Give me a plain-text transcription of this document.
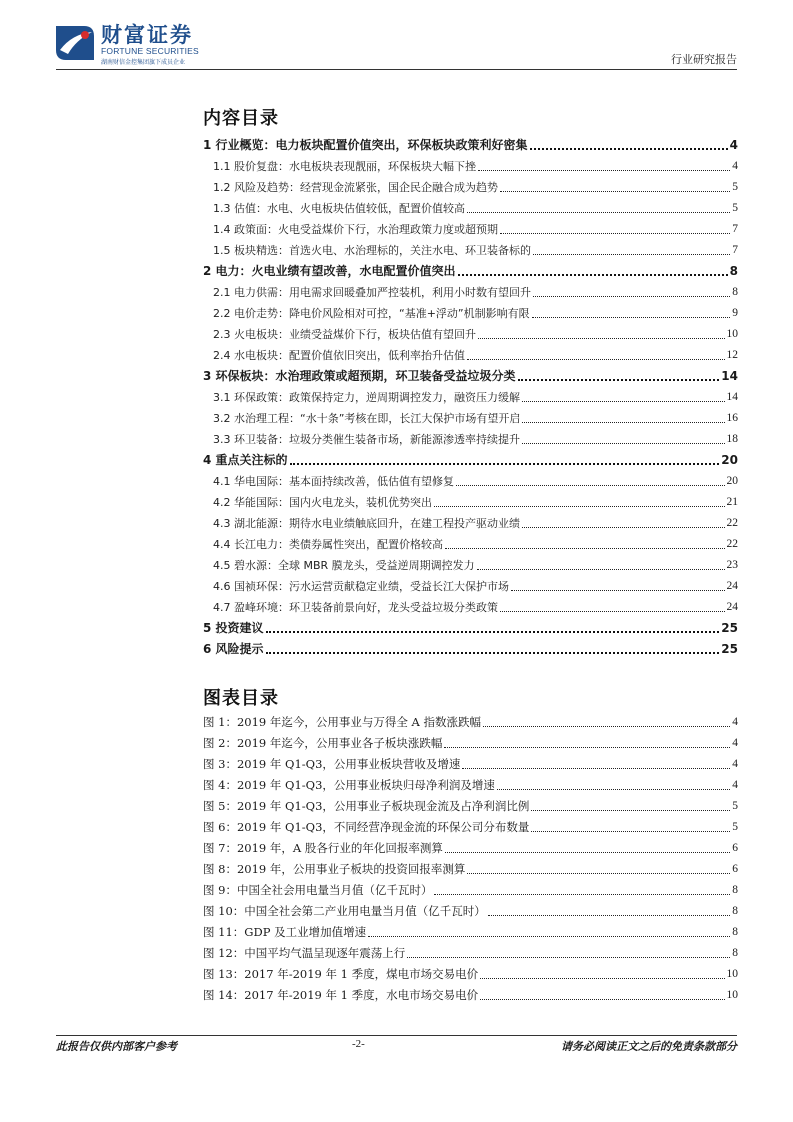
财富证券
FORTUNE SECURITIES
湖南财信金控集团旗下成员企业	行业研究报告
内容目录
1 行业概览：电力板块配置价值突出，环保板块政策利好密集	4
1.1 股价复盘：水电板块表现靓丽，环保板块大幅下挫	4
1.2 风险及趋势：经营现金流紧张，国企民企融合成为趋势	5
1.3 估值：水电、火电板块估值较低，配置价值较高	5
1.4 政策面：火电受益煤价下行，水治理政策力度或超预期	7
1.5 板块精选：首选火电、水治理标的，关注水电、环卫装备标的	7
2 电力：火电业绩有望改善，水电配置价值突出	8
2.1 电力供需：用电需求回暖叠加严控装机，利用小时数有望回升	8
2.2 电价走势：降电价风险相对可控，“基准+浮动”机制影响有限	9
2.3 火电板块：业绩受益煤价下行，板块估值有望回升	10
2.4 水电板块：配置价值依旧突出，低利率抬升估值	12
3 环保板块：水治理政策或超预期，环卫装备受益垃圾分类	14
3.1 环保政策：政策保持定力，逆周期调控发力，融资压力缓解	14
3.2 水治理工程：“水十条”考核在即，长江大保护市场有望开启	16
3.3 环卫装备：垃圾分类催生装备市场，新能源渗透率持续提升	18
4 重点关注标的	20
4.1 华电国际：基本面持续改善，低估值有望修复	20
4.2 华能国际：国内火电龙头，装机优势突出	21
4.3 湖北能源：期待水电业绩触底回升，在建工程投产驱动业绩	22
4.4 长江电力：类债券属性突出，配置价格较高	22
4.5 碧水源：全球 MBR 膜龙头，受益逆周期调控发力	23
4.6 国祯环保：污水运营贡献稳定业绩，受益长江大保护市场	24
4.7 盈峰环境：环卫装备前景向好，龙头受益垃圾分类政策	24
5 投资建议	25
6 风险提示	25
图表目录
图 1：2019 年迄今，公用事业与万得全 A 指数涨跌幅	4
图 2：2019 年迄今，公用事业各子板块涨跌幅	4
图 3：2019 年 Q1-Q3，公用事业板块营收及增速	4
图 4：2019 年 Q1-Q3，公用事业板块归母净利润及增速	4
图 5：2019 年 Q1-Q3，公用事业子板块现金流及占净利润比例	5
图 6：2019 年 Q1-Q3，不同经营净现金流的环保公司分布数量	5
图 7：2019 年，A 股各行业的年化回报率测算	6
图 8：2019 年，公用事业子板块的投资回报率测算	6
图 9：中国全社会用电量当月值（亿千瓦时）	8
图 10：中国全社会第二产业用电量当月值（亿千瓦时）	8
图 11：GDP 及工业增加值增速	8
图 12：中国平均气温呈现逐年震荡上行	8
图 13：2017 年-2019 年 1 季度，煤电市场交易电价	10
图 14：2017 年-2019 年 1 季度，水电市场交易电价	10
此报告仅供内部客户参考	-2-	请务必阅读正文之后的免责条款部分
